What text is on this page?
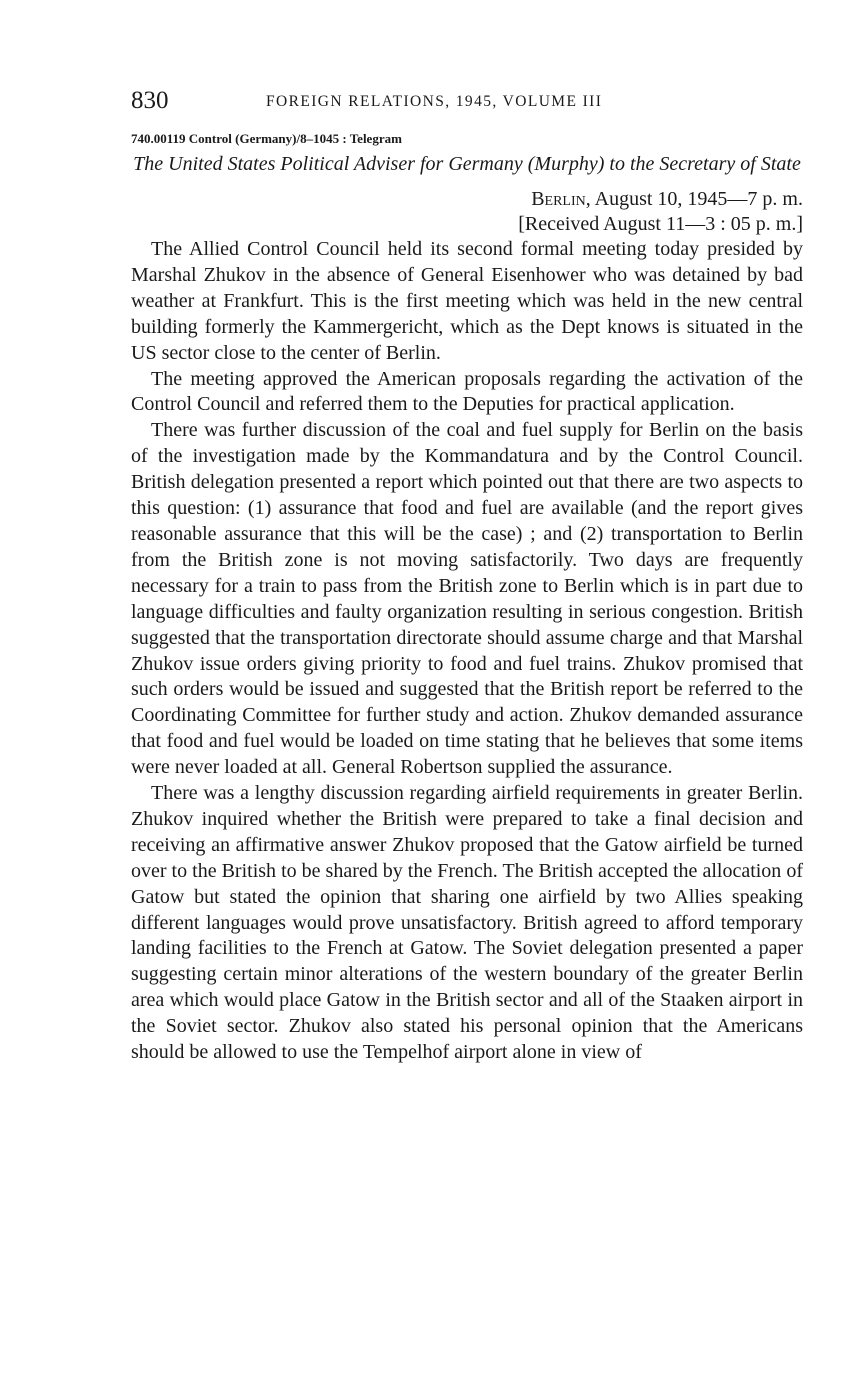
830	FOREIGN RELATIONS, 1945, VOLUME III
740.00119 Control (Germany)/8–1045 : Telegram
The United States Political Adviser for Germany (Murphy) to the Secretary of State
Berlin, August 10, 1945—7 p. m.
[Received August 11—3 : 05 p. m.]

The Allied Control Council held its second formal meeting today presided by Marshal Zhukov in the absence of General Eisenhower who was detained by bad weather at Frankfurt. This is the first meeting which was held in the new central building formerly the Kammergericht, which as the Dept knows is situated in the US sector close to the center of Berlin.

The meeting approved the American proposals regarding the activation of the Control Council and referred them to the Deputies for practical application.

There was further discussion of the coal and fuel supply for Berlin on the basis of the investigation made by the Kommandatura and by the Control Council. British delegation presented a report which pointed out that there are two aspects to this question: (1) assurance that food and fuel are available (and the report gives reasonable assurance that this will be the case) ; and (2) transportation to Berlin from the British zone is not moving satisfactorily. Two days are frequently necessary for a train to pass from the British zone to Berlin which is in part due to language difficulties and faulty organization resulting in serious congestion. British suggested that the transportation directorate should assume charge and that Marshal Zhukov issue orders giving priority to food and fuel trains. Zhukov promised that such orders would be issued and suggested that the British report be referred to the Coordinating Committee for further study and action. Zhukov demanded assurance that food and fuel would be loaded on time stating that he believes that some items were never loaded at all. General Robertson supplied the assurance.

There was a lengthy discussion regarding airfield requirements in greater Berlin. Zhukov inquired whether the British were prepared to take a final decision and receiving an affirmative answer Zhukov proposed that the Gatow airfield be turned over to the British to be shared by the French. The British accepted the allocation of Gatow but stated the opinion that sharing one airfield by two Allies speaking different languages would prove unsatisfactory. British agreed to afford temporary landing facilities to the French at Gatow. The Soviet delegation presented a paper suggesting certain minor alterations of the western boundary of the greater Berlin area which would place Gatow in the British sector and all of the Staaken airport in the Soviet sector. Zhukov also stated his personal opinion that the Americans should be allowed to use the Tempelhof airport alone in view of
